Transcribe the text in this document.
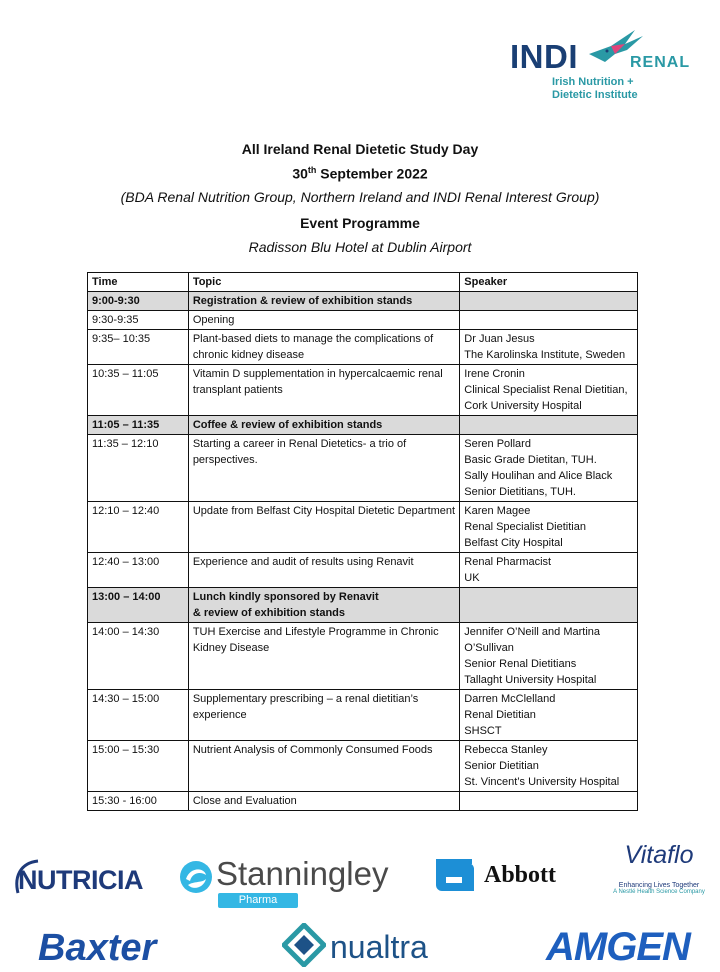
INDI	RENAL
Irish Nutrition +
Dietetic Institute
All Ireland Renal Dietetic Study Day
30th September 2022
(BDA Renal Nutrition Group, Northern Ireland and INDI Renal Interest Group)
Event Programme
Radisson Blu Hotel at Dublin Airport
Time	Topic	Speaker
9:00-9:30	Registration & review of exhibition stands	
9:30-9:35	Opening	
9:35– 10:35	Plant-based diets to manage the complications of chronic kidney disease	Dr Juan Jesus
The Karolinska Institute, Sweden
10:35 – 11:05	Vitamin D supplementation in hypercalcaemic renal transplant patients	Irene Cronin
Clinical Specialist Renal Dietitian, Cork University Hospital
11:05 – 11:35	Coffee & review of exhibition stands	
11:35 – 12:10	Starting a career in Renal Dietetics- a trio of perspectives.	Seren Pollard
Basic Grade Dietitan, TUH.
Sally Houlihan and Alice Black
Senior Dietitians, TUH.
12:10 – 12:40	Update from Belfast City Hospital Dietetic Department	Karen Magee
Renal Specialist Dietitian
Belfast City Hospital
12:40 – 13:00	Experience and audit of results using Renavit	Renal Pharmacist
UK
13:00 – 14:00	Lunch kindly sponsored by Renavit
& review of exhibition stands	
14:00 – 14:30	TUH Exercise and Lifestyle Programme in Chronic Kidney Disease	Jennifer O’Neill and Martina O’Sullivan
Senior Renal Dietitians
Tallaght University Hospital
14:30 – 15:00	Supplementary prescribing – a renal dietitian’s experience	Darren McClelland
Renal Dietitian
SHSCT
15:00 – 15:30	Nutrient Analysis of Commonly Consumed Foods	Rebecca Stanley
Senior Dietitian
St. Vincent’s University Hospital
15:30 - 16:00	Close and Evaluation	
NUTRICIA Stanningley
Pharma
Abbott
Vitaflo
Enhancing Lives Together
A Nestlé Health Science Company
Baxter	nualtra	AMGEN
